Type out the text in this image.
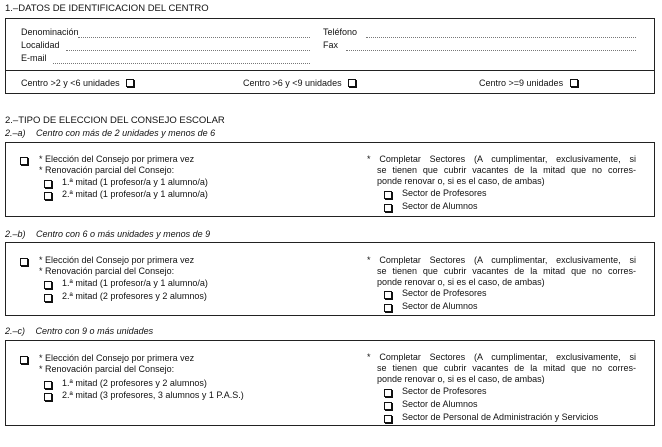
1.–DATOS DE IDENTIFICACION DEL CENTRO
Denominación	Teléfono
Localidad	Fax
E-mail
Centro >2 y <6 unidades	Centro >6 y <9 unidades	Centro >=9 unidades
2.–TIPO DE ELECCION DEL CONSEJO ESCOLAR
2.–a) Centro con más de 2 unidades y menos de 6
* Elección del Consejo por primera vez
* Renovación parcial del Consejo:
1.ª mitad (1 profesor/a y 1 alumno/a)
2.ª mitad (1 profesor/a y 1 alumno/a)
* Completar Sectores (A cumplimentar, exclusivamente, si
se tienen que cubrir vacantes de la mitad que no corres-
ponde renovar o, si es el caso, de ambas)
Sector de Profesores
Sector de Alumnos
2.–b) Centro con 6 o más unidades y menos de 9
* Elección del Consejo por primera vez
* Renovación parcial del Consejo:
1.ª mitad (1 profesor/a y 1 alumno/a)
2.ª mitad (2 profesores y 2 alumnos)
* Completar Sectores (A cumplimentar, exclusivamente, si
se tienen que cubrir vacantes de la mitad que no corres-
ponde renovar o, si es el caso, de ambas)
Sector de Profesores
Sector de Alumnos
2.–c) Centro con 9 o más unidades
* Elección del Consejo por primera vez
* Renovación parcial del Consejo:
1.ª mitad (2 profesores y 2 alumnos)
2.ª mitad (3 profesores, 3 alumnos y 1 P.A.S.)
* Completar Sectores (A cumplimentar, exclusivamente, si
se tienen que cubrir vacantes de la mitad que no corres-
ponde renovar o, si es el caso, de ambas)
Sector de Profesores
Sector de Alumnos
Sector de Personal de Administración y Servicios
